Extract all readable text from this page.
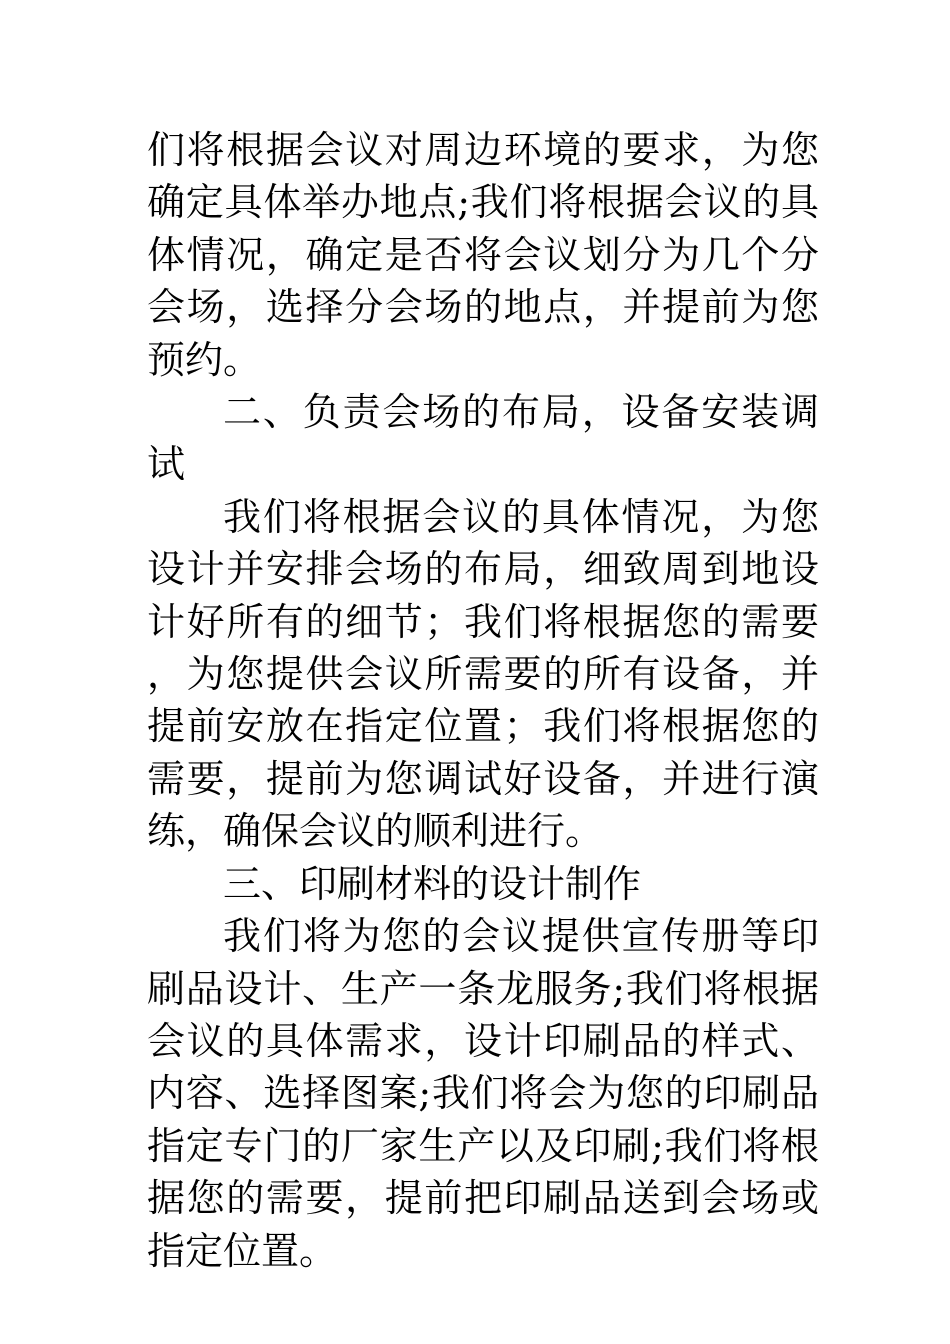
们将根据会议对周边环境的要求，为您确定具体举办地点;我们将根据会议的具体情况，确定是否将会议划分为几个分会场，选择分会场的地点，并提前为您预约。

二、负责会场的布局，设备安装调试

我们将根据会议的具体情况，为您设计并安排会场的布局，细致周到地设计好所有的细节；我们将根据您的需要，为您提供会议所需要的所有设备，并提前安放在指定位置；我们将根据您的需要，提前为您调试好设备，并进行演练，确保会议的顺利进行。

三、印刷材料的设计制作

我们将为您的会议提供宣传册等印刷品设计、生产一条龙服务;我们将根据会议的具体需求，设计印刷品的样式、内容、选择图案;我们将会为您的印刷品指定专门的厂家生产以及印刷;我们将根据您的需要，提前把印刷品送到会场或指定位置。
